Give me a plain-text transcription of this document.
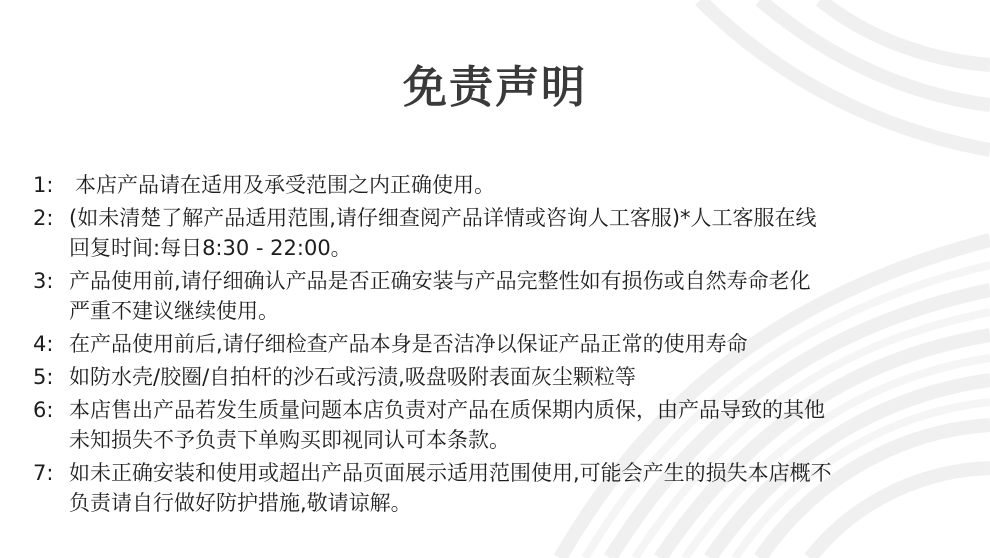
免责声明
1:	本店产品请在适用及承受范围之内正确使用。
2: (如未清楚了解产品适用范围,请仔细查阅产品详情或咨询人工客服)*人工客服在线
回复时间:每日8:30 - 22:00。
3: 产品使用前,请仔细确认产品是否正确安装与产品完整性如有损伤或自然寿命老化
严重不建议继续使用。
4: 在产品使用前后,请仔细检查产品本身是否洁净以保证产品正常的使用寿命
5: 如防水壳/胶圈/自拍杆的沙石或污渍,吸盘吸附表面灰尘颗粒等
6: 本店售出产品若发生质量问题本店负责对产品在质保期内质保，由产品导致的其他
未知损失不予负责下单购买即视同认可本条款。
7: 如未正确安装和使用或超出产品页面展示适用范围使用,可能会产生的损失本店概不
负责请自行做好防护措施,敬请谅解。
